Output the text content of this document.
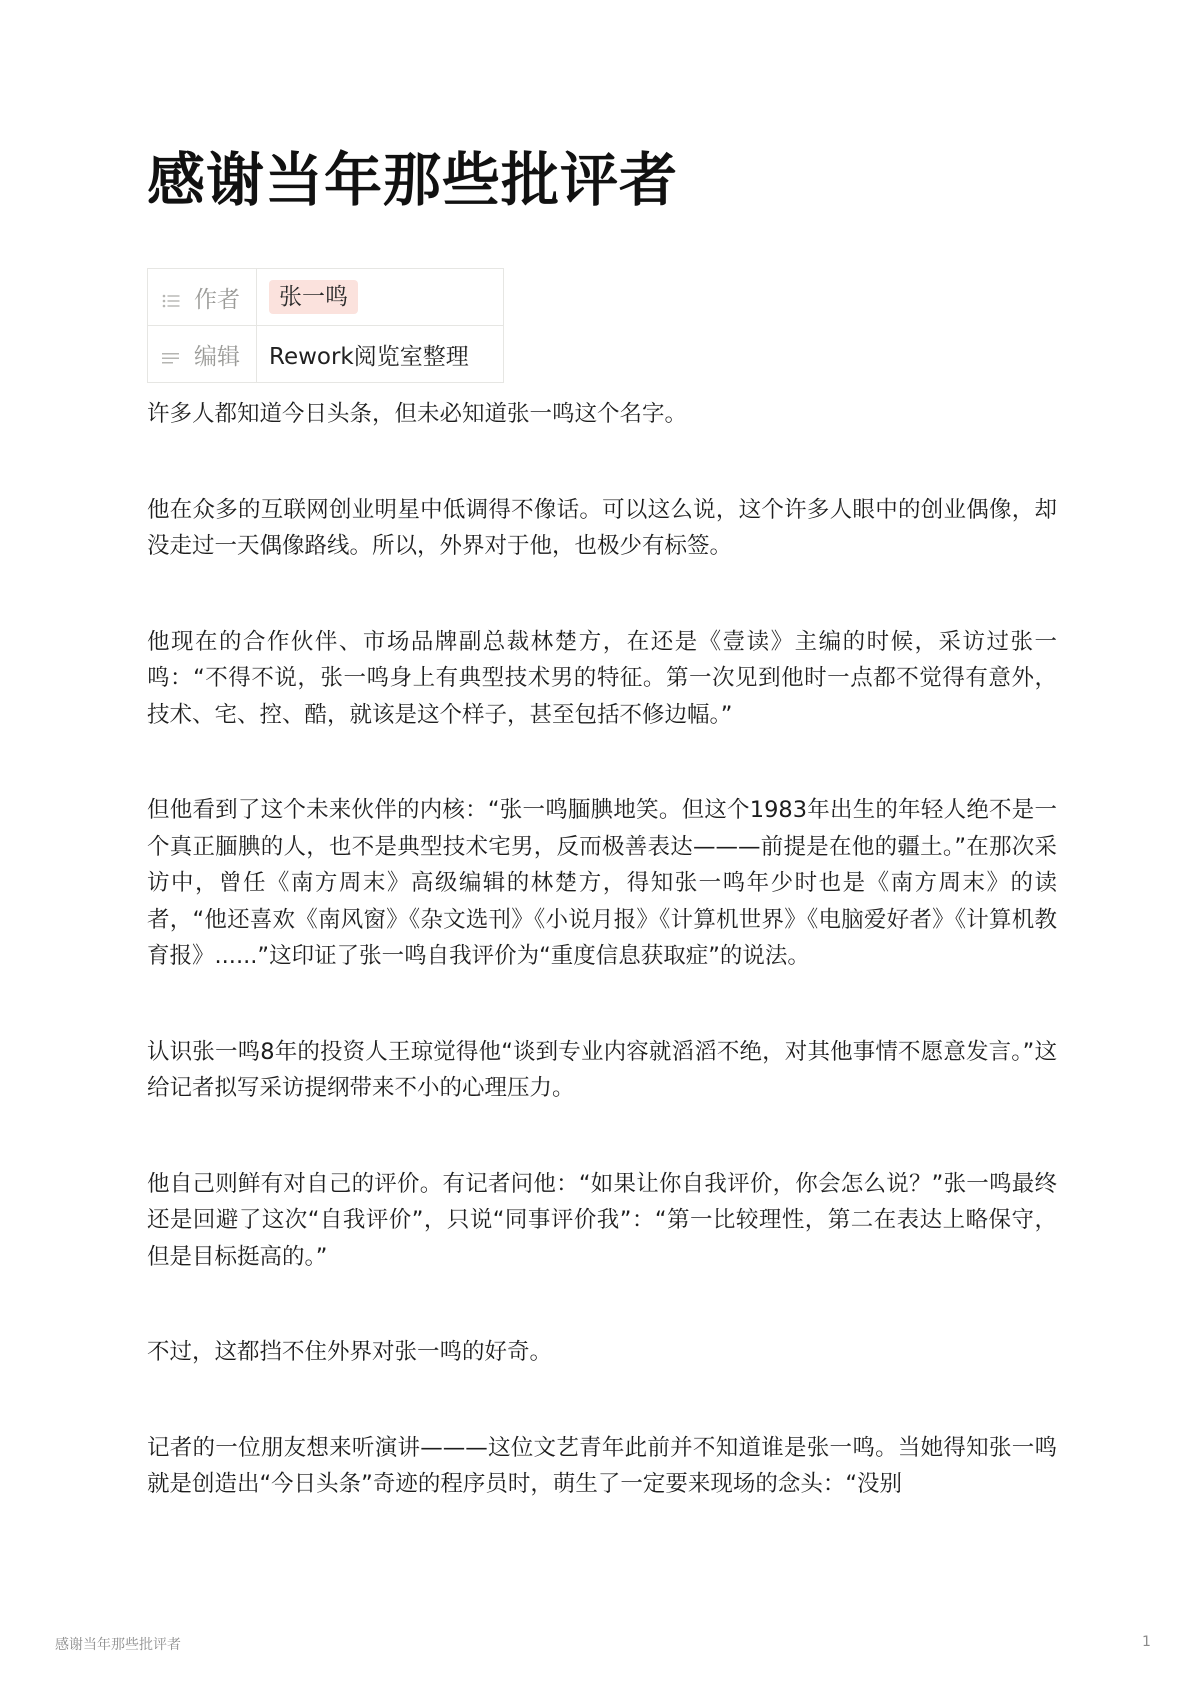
感谢当年那些批评者
作者	张一鸣

编辑	Rework阅览室整理

许多人都知道今日头条，但未必知道张一鸣这个名字。

他在众多的互联网创业明星中低调得不像话。可以这么说，这个许多人眼中的创业偶像，却没走过一天偶像路线。所以，外界对于他，也极少有标签。

他现在的合作伙伴、市场品牌副总裁林楚方，在还是《壹读》主编的时候，采访过张一鸣：“不得不说，张一鸣身上有典型技术男的特征。第一次见到他时一点都不觉得有意外，技术、宅、控、酷，就该是这个样子，甚至包括不修边幅。”

但他看到了这个未来伙伴的内核：“张一鸣腼腆地笑。但这个1983年出生的年轻人绝不是一个真正腼腆的人，也不是典型技术宅男，反而极善表达———前提是在他的疆土。”在那次采访中，曾任《南方周末》高级编辑的林楚方，得知张一鸣年少时也是《南方周末》的读者，“他还喜欢《南风窗》《杂文选刊》《小说月报》《计算机世界》《电脑爱好者》《计算机教育报》......”这印证了张一鸣自我评价为“重度信息获取症”的说法。

认识张一鸣8年的投资人王琼觉得他“谈到专业内容就滔滔不绝，对其他事情不愿意发言。”这给记者拟写采访提纲带来不小的心理压力。

他自己则鲜有对自己的评价。有记者问他：“如果让你自我评价，你会怎么说？”张一鸣最终还是回避了这次“自我评价”，只说“同事评价我”：“第一比较理性，第二在表达上略保守，但是目标挺高的。”

不过，这都挡不住外界对张一鸣的好奇。

记者的一位朋友想来听演讲———这位文艺青年此前并不知道谁是张一鸣。当她得知张一鸣就是创造出“今日头条”奇迹的程序员时，萌生了一定要来现场的念头：“没别

感谢当年那些批评者	1
